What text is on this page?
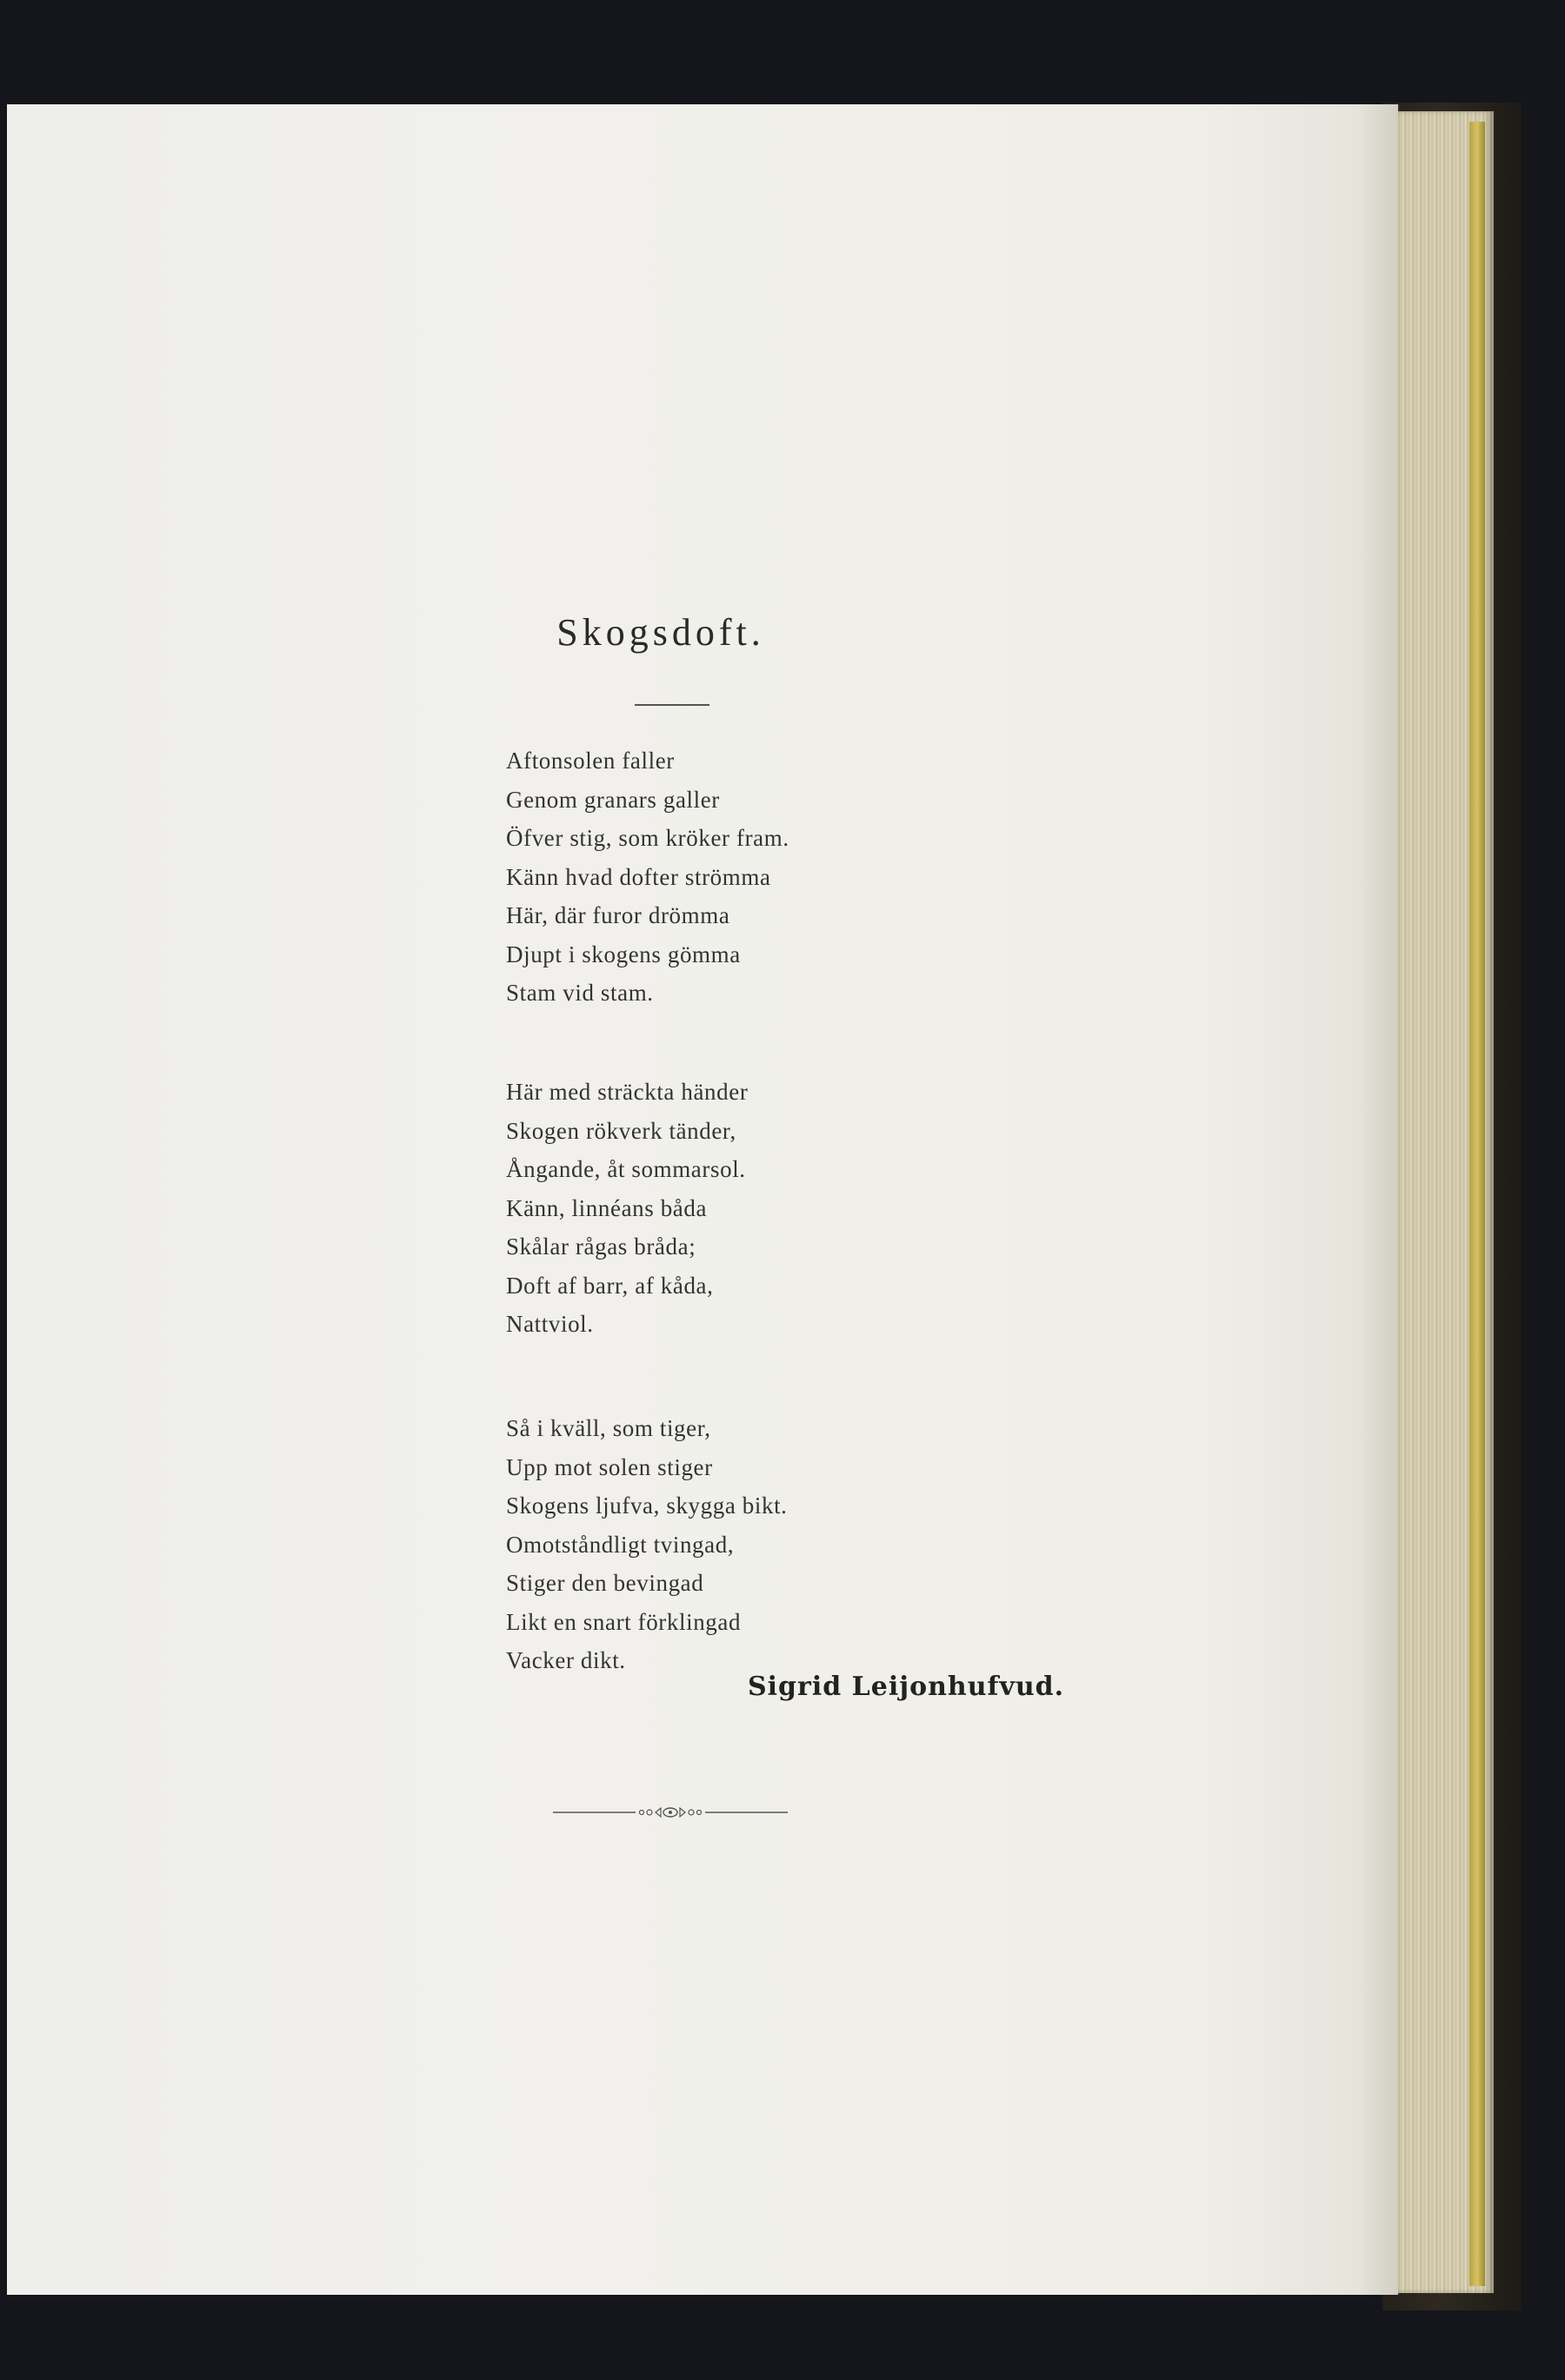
Skogsdoft.
Aftonsolen faller
Genom granars galler
Öfver stig, som kröker fram.
Känn hvad dofter strömma
Här, där furor drömma
Djupt i skogens gömma
Stam vid stam.
Här med sträckta händer
Skogen rökverk tänder,
Ångande, åt sommarsol.
Känn, linnéans båda
Skålar rågas bråda;
Doft af barr, af kåda,
Nattviol.
Så i kväll, som tiger,
Upp mot solen stiger
Skogens ljufva, skygga bikt.
Omotståndligt tvingad,
Stiger den bevingad
Likt en snart förklingad
Vacker dikt.
Sigrid Leijonhufvud.
